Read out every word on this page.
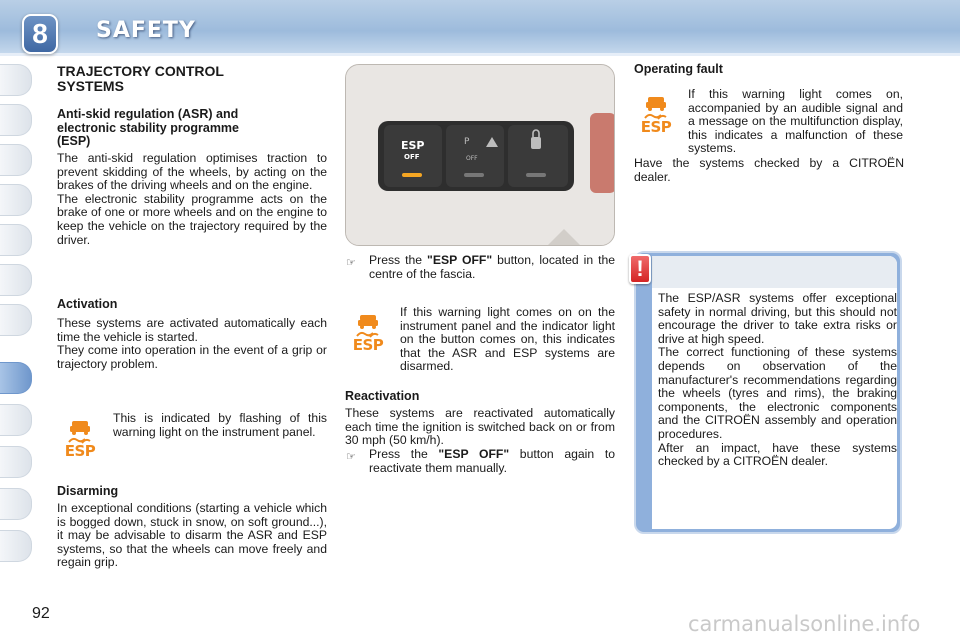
8	SAFETY
TRAJECTORY CONTROL
SYSTEMS
Anti-skid regulation (ASR) and
electronic stability programme
(ESP)

The anti-skid regulation optimises traction to prevent skidding of the wheels, by acting on the brakes of the driving wheels and on the engine.

The electronic stability programme acts on the brake of one or more wheels and on the engine to keep the vehicle on the trajectory required by the driver.

Activation

These systems are activated automatically each time the vehicle is started.

They come into operation in the event of a grip or trajectory problem.

ESP

This is indicated by flashing of this warning light on the instrument panel.

Disarming

In exceptional conditions (starting a vehicle which is bogged down, stuck in snow, on soft ground...), it may be advisable to disarm the ASR and ESP systems, so that the wheels can move freely and regain grip.

ESP
OFF
P
OFF
☞ Press the "ESP OFF" button, located in the centre of the fascia.
ESP

If this warning light comes on on the instrument panel and the indicator light on the button comes on, this indicates that the ASR and ESP systems are disarmed.

Reactivation

These systems are reactivated automatically each time the ignition is switched back on or from 30 mph (50 km/h).

☞ Press the "ESP OFF" button again to reactivate them manually.
Operating fault
ESP

If this warning light comes on, accompanied by an audible signal and a message on the multifunction display, this indicates a malfunction of these systems.

Have the systems checked by a CITROËN dealer.

!

The ESP/ASR systems offer exceptional safety in normal driving, but this should not encourage the driver to take extra risks or drive at high speed.

The correct functioning of these systems depends on observation of the manufacturer's recommendations regarding the wheels (tyres and rims), the braking components, the electronic components and the CITROËN assembly and operation procedures.

After an impact, have these systems checked by a CITROËN dealer.

92	carmanualsonline.info
